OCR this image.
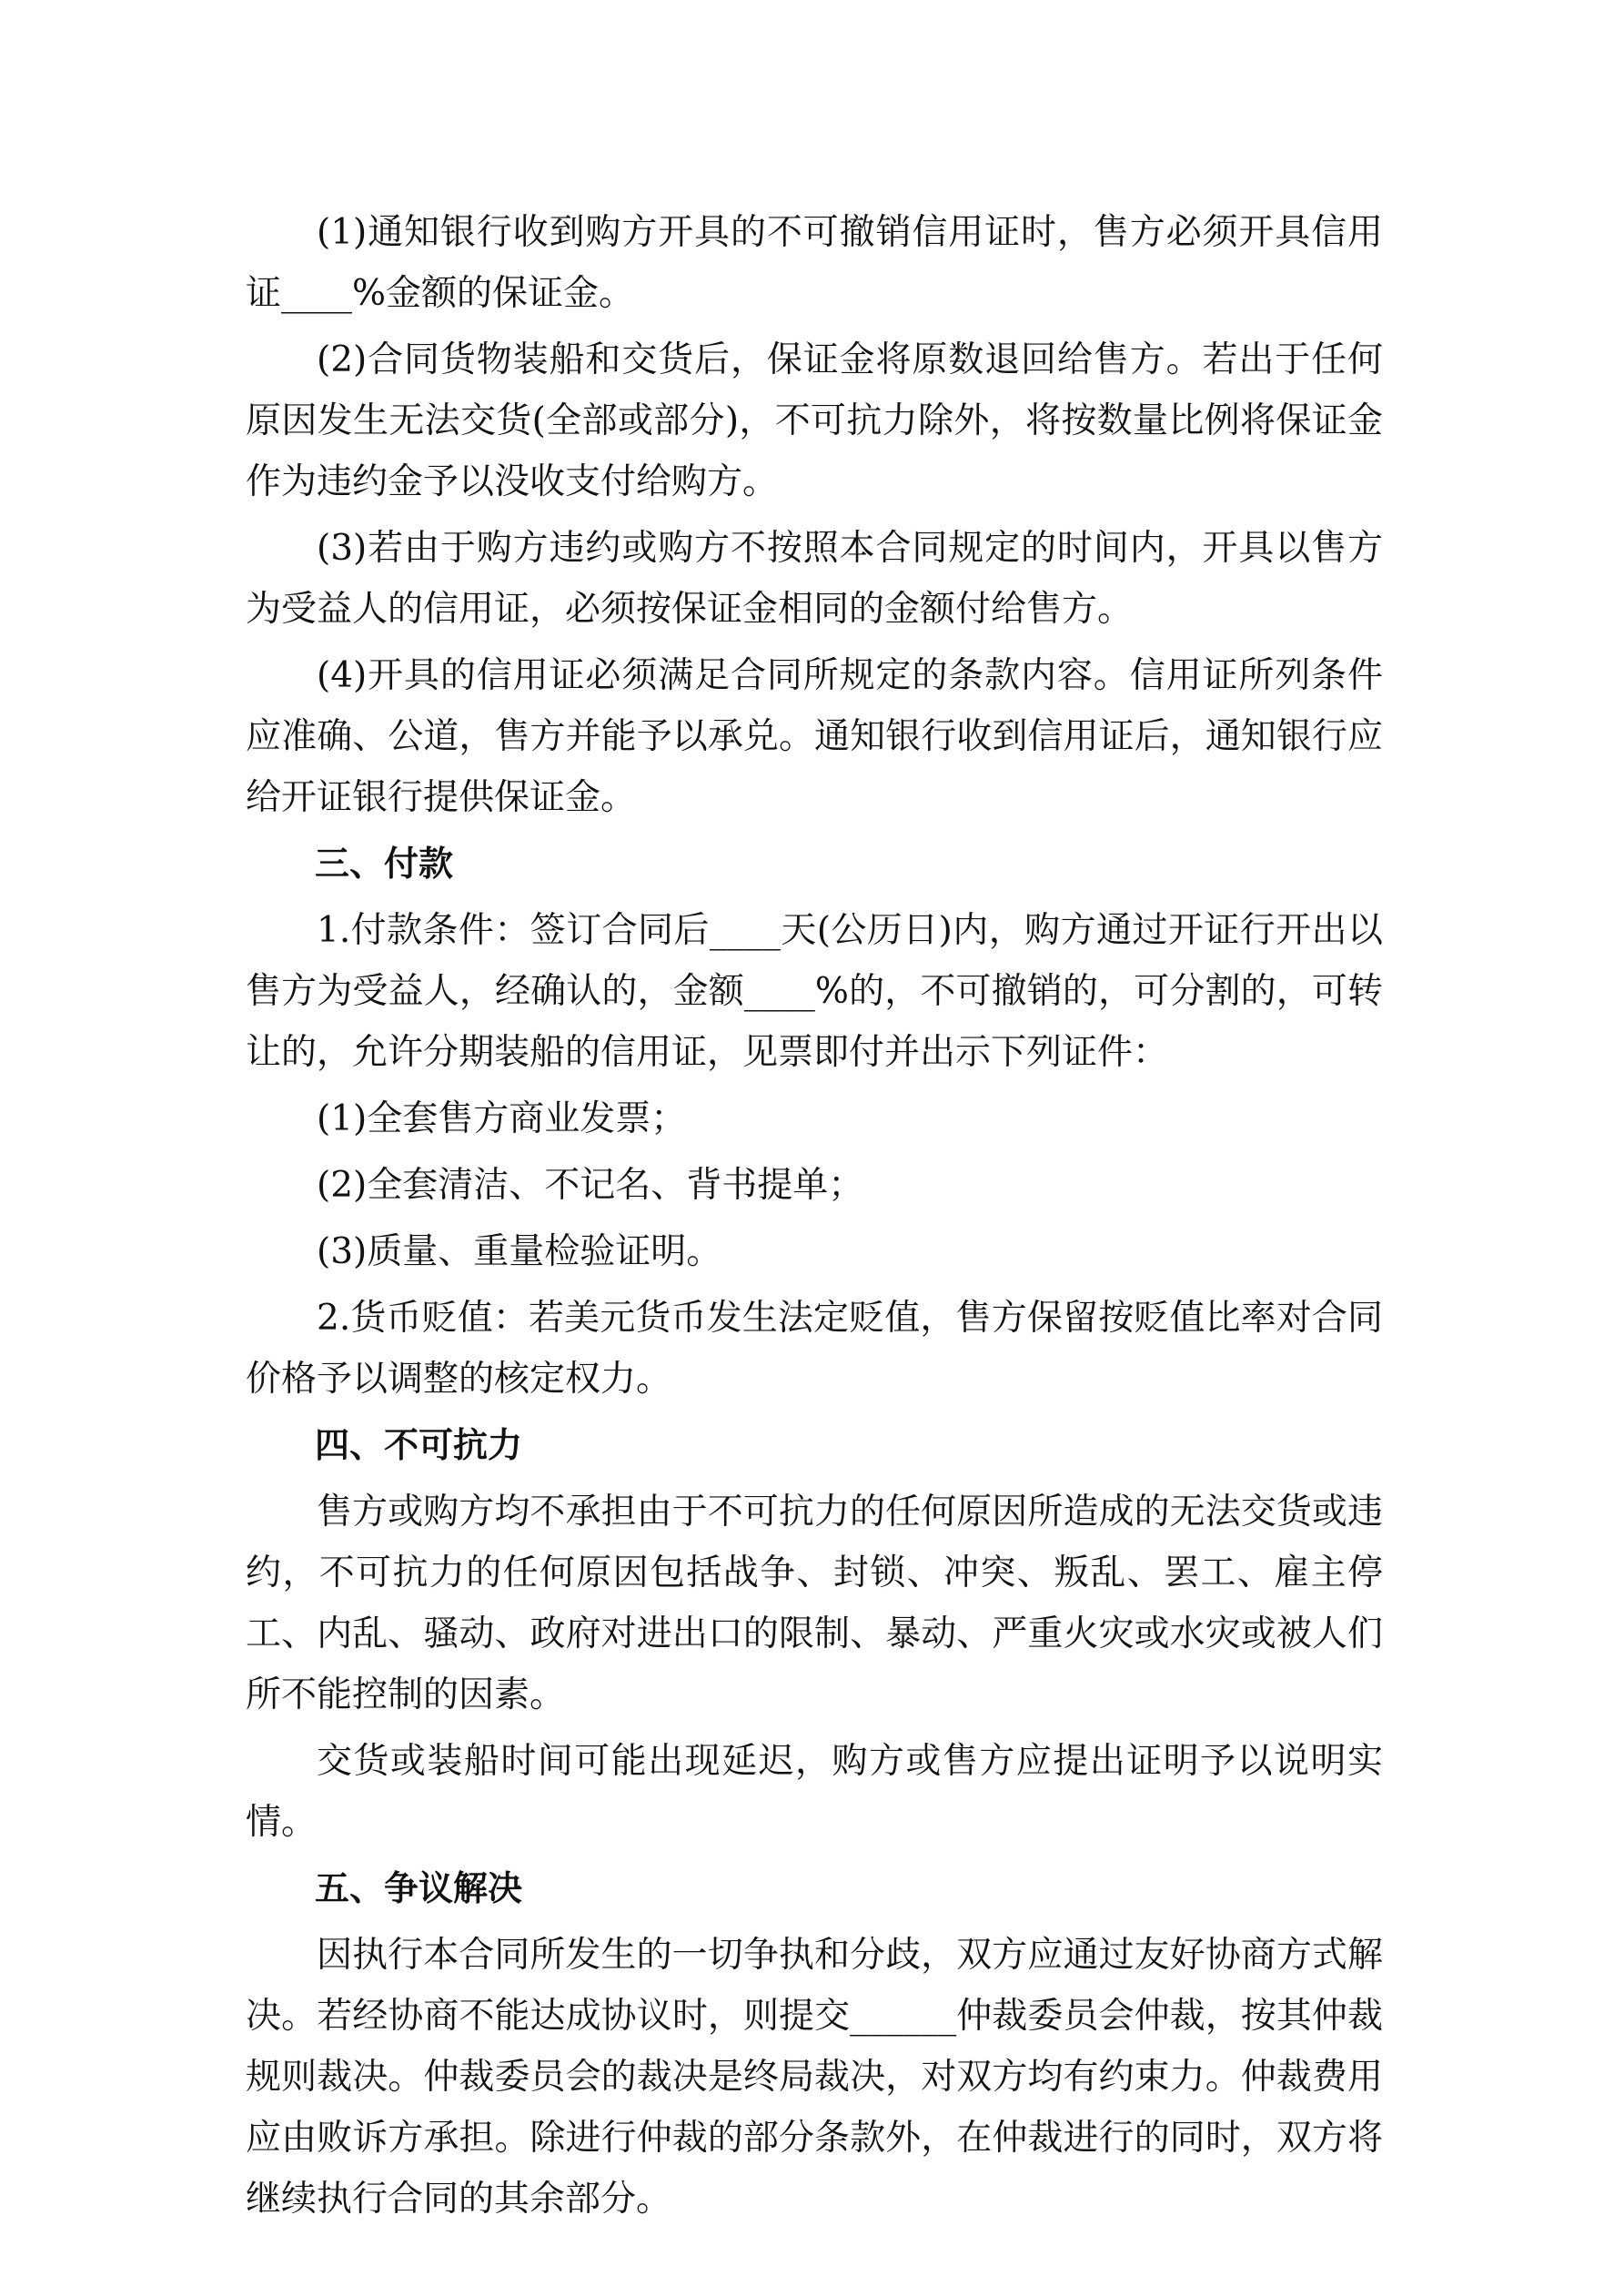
(1)通知银行收到购方开具的不可撤销信用证时，售方必须开具信用证____%金额的保证金。

(2)合同货物装船和交货后，保证金将原数退回给售方。若出于任何原因发生无法交货(全部或部分)，不可抗力除外，将按数量比例将保证金作为违约金予以没收支付给购方。

(3)若由于购方违约或购方不按照本合同规定的时间内，开具以售方为受益人的信用证，必须按保证金相同的金额付给售方。

(4)开具的信用证必须满足合同所规定的条款内容。信用证所列条件应准确、公道，售方并能予以承兑。通知银行收到信用证后，通知银行应给开证银行提供保证金。

三、付款

1.付款条件：签订合同后____天(公历日)内，购方通过开证行开出以售方为受益人，经确认的，金额____%的，不可撤销的，可分割的，可转让的，允许分期装船的信用证，见票即付并出示下列证件：

(1)全套售方商业发票；

(2)全套清洁、不记名、背书提单；

(3)质量、重量检验证明。

2.货币贬值：若美元货币发生法定贬值，售方保留按贬值比率对合同价格予以调整的核定权力。

四、不可抗力

售方或购方均不承担由于不可抗力的任何原因所造成的无法交货或违约，不可抗力的任何原因包括战争、封锁、冲突、叛乱、罢工、雇主停工、内乱、骚动、政府对进出口的限制、暴动、严重火灾或水灾或被人们所不能控制的因素。

交货或装船时间可能出现延迟，购方或售方应提出证明予以说明实情。

五、争议解决

因执行本合同所发生的一切争执和分歧，双方应通过友好协商方式解决。若经协商不能达成协议时，则提交______仲裁委员会仲裁，按其仲裁规则裁决。仲裁委员会的裁决是终局裁决，对双方均有约束力。仲裁费用应由败诉方承担。除进行仲裁的部分条款外，在仲裁进行的同时，双方将继续执行合同的其余部分。
